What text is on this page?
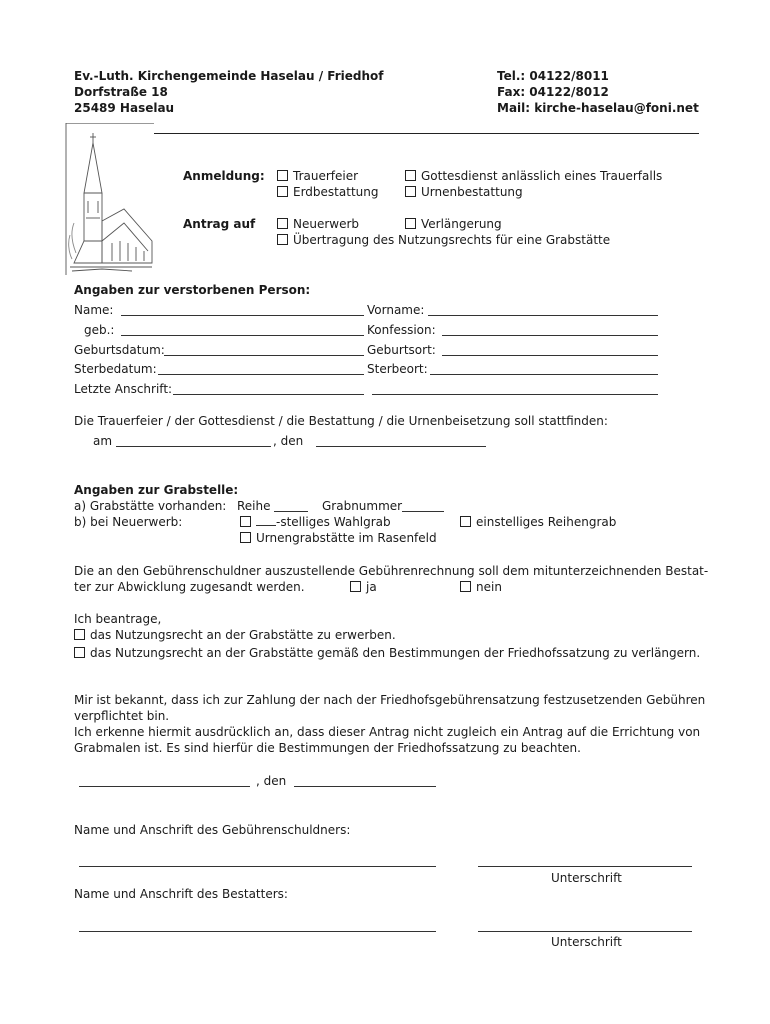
Ev.-Luth. Kirchengemeinde Haselau / Friedhof
Dorfstraße 18
25489 Haselau
Tel.: 04122/8011
Fax: 04122/8012
Mail: kirche-haselau@foni.net
Anmeldung:	Trauerfeier	Gottesdienst anlässlich eines Trauerfalls
Erdbestattung	Urnenbestattung
Antrag auf	Neuerwerb	Verlängerung
Übertragung des Nutzungsrechts für eine Grabstätte
Angaben zur verstorbenen Person:
Name:	Vorname:
geb.:	Konfession:
Geburtsdatum:	Geburtsort:
Sterbedatum:	Sterbeort:
Letzte Anschrift:
Die Trauerfeier / der Gottesdienst / die Bestattung / die Urnenbeisetzung soll stattfinden:
am	, den
Angaben zur Grabstelle:
a) Grabstätte vorhanden: Reihe	Grabnummer
b) bei Neuerwerb:	-stelliges Wahlgrab	einstelliges Reihengrab
Urnengrabstätte im Rasenfeld
Die an den Gebührenschuldner auszustellende Gebührenrechnung soll dem mitunterzeichnenden Bestat-
ter zur Abwicklung zugesandt werden.	ja	nein
Ich beantrage,
das Nutzungsrecht an der Grabstätte zu erwerben.
das Nutzungsrecht an der Grabstätte gemäß den Bestimmungen der Friedhofssatzung zu verlängern.
Mir ist bekannt, dass ich zur Zahlung der nach der Friedhofsgebührensatzung festzusetzenden Gebühren
verpflichtet bin.
Ich erkenne hiermit ausdrücklich an, dass dieser Antrag nicht zugleich ein Antrag auf die Errichtung von
Grabmalen ist. Es sind hierfür die Bestimmungen der Friedhofssatzung zu beachten.
, den
Name und Anschrift des Gebührenschuldners:
Unterschrift
Name und Anschrift des Bestatters:
Unterschrift
